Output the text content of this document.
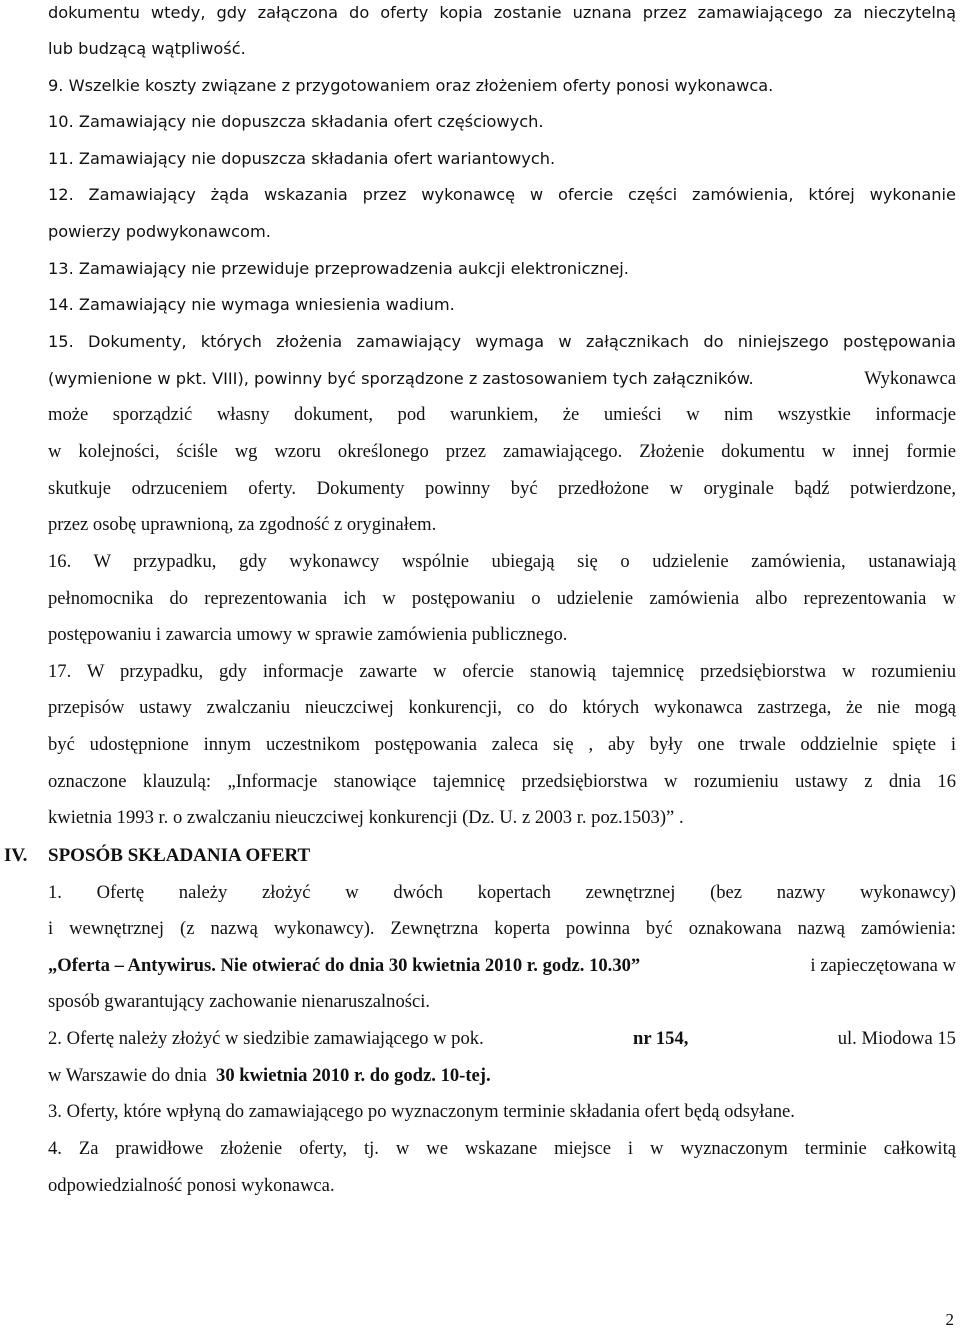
dokumentu wtedy, gdy załączona do oferty kopia zostanie uznana przez zamawiającego za nieczytelną
lub budzącą wątpliwość.
9. Wszelkie koszty związane z przygotowaniem oraz złożeniem oferty ponosi wykonawca.
10. Zamawiający nie dopuszcza składania ofert częściowych.
11. Zamawiający nie dopuszcza składania ofert wariantowych.
12. Zamawiający żąda wskazania przez wykonawcę w ofercie części zamówienia, której wykonanie
powierzy podwykonawcom.
13. Zamawiający nie przewiduje przeprowadzenia aukcji elektronicznej.
14. Zamawiający nie wymaga wniesienia wadium.
15. Dokumenty, których złożenia zamawiający wymaga w załącznikach do niniejszego postępowania
(wymienione w pkt. VIII), powinny być sporządzone z zastosowaniem tych załączników.	Wykonawca
może sporządzić własny dokument, pod warunkiem, że umieści w nim wszystkie informacje
w kolejności, ściśle wg wzoru określonego przez zamawiającego. Złożenie dokumentu w innej formie
skutkuje odrzuceniem oferty. Dokumenty powinny być przedłożone w oryginale bądź potwierdzone,
przez osobę uprawnioną, za zgodność z oryginałem.
16. W przypadku, gdy wykonawcy wspólnie ubiegają się o udzielenie zamówienia, ustanawiają
pełnomocnika do reprezentowania ich w postępowaniu o udzielenie zamówienia albo reprezentowania w
postępowaniu i zawarcia umowy w sprawie zamówienia publicznego.
17. W przypadku, gdy informacje zawarte w ofercie stanowią tajemnicę przedsiębiorstwa w rozumieniu
przepisów ustawy zwalczaniu nieuczciwej konkurencji, co do których wykonawca zastrzega, że nie mogą
być udostępnione innym uczestnikom postępowania zaleca się , aby były one trwale oddzielnie spięte i
oznaczone klauzulą: „Informacje stanowiące tajemnicę przedsiębiorstwa w rozumieniu ustawy z dnia 16
kwietnia 1993 r. o zwalczaniu nieuczciwej konkurencji (Dz. U. z 2003 r. poz.1503)” .
IV. SPOSÓB SKŁADANIA OFERT
1. Ofertę należy złożyć w dwóch kopertach zewnętrznej (bez nazwy wykonawcy)
i wewnętrznej (z nazwą wykonawcy). Zewnętrzna koperta powinna być oznakowana nazwą zamówienia:
„Oferta – Antywirus. Nie otwierać do dnia 30 kwietnia 2010 r. godz. 10.30”	i zapieczętowana w
sposób gwarantujący zachowanie nienaruszalności.
2. Ofertę należy złożyć w siedzibie zamawiającego w pok.	nr 154,	ul. Miodowa 15
w Warszawie do dnia  30 kwietnia 2010 r. do godz. 10-tej.
3. Oferty, które wpłyną do zamawiającego po wyznaczonym terminie składania ofert będą odsyłane.
4. Za prawidłowe złożenie oferty, tj. w we wskazane miejsce i w wyznaczonym terminie całkowitą
odpowiedzialność ponosi wykonawca.
2
